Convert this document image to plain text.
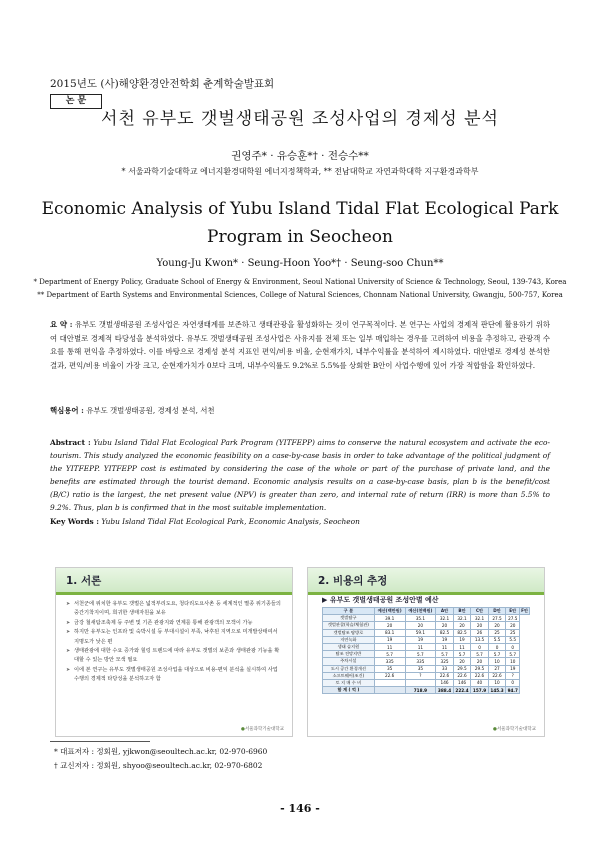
2015년도 (사)해양환경안전학회 춘계학술발표회
논 문
서천 유부도 갯벌생태공원 조성사업의 경제성 분석
권영주* · 유승훈*† · 전승수**
* 서울과학기술대학교 에너지환경대학원 에너지정책학과, ** 전남대학교 자연과학대학 지구환경과학부
Economic Analysis of Yubu Island Tidal Flat Ecological Park Program in Seocheon
Young-Ju Kwon* · Seung-Hoon Yoo*† · Seung-soo Chun**
* Department of Energy Policy, Graduate School of Energy & Environment, Seoul National University of Science & Technology, Seoul, 139-743, Korea
** Department of Earth Systems and Environmental Sciences, College of Natural Sciences, Chonnam National University, Gwangju, 500-757, Korea
요 약 : 유부도 갯벌생태공원 조성사업은 자연생태계를 보존하고 생태관광을 활성화하는 것이 연구목적이다. 본 연구는 사업의 경제적 판단에 활용하기 위하여 대안별로 경제적 타당성을 분석하였다. 유부도 갯벌생태공원 조성사업은 사유지를 전체 또는 일부 매입하는 경우를 고려하여 비용을 추정하고, 관광객 수요를 통해 편익을 추정하였다. 이를 바탕으로 경제성 분석 지표인 편익/비용 비율, 순현재가치, 내부수익률을 분석하여 제시하였다. 대안별로 경제성 분석한 결과, 편익/비용 비율이 가장 크고, 순현재가치가 0보다 크며, 내부수익률도 9.2%로 5.5%를 상회한 B안이 사업수행에 있어 가장 적합함을 확인하였다.
핵심용어 : 유부도 갯벌생태공원, 경제성 분석, 서천
Abstract : Yubu Island Tidal Flat Ecological Park Program (YITFEPP) aims to conserve the natural ecosystem and activate the eco-tourism. This study analyzed the economic feasibility on a case-by-case basis in order to take advantage of the political judgment of the YITFEPP. YITFEPP cost is estimated by considering the case of the whole or part of the purchase of private land, and the benefits are estimated through the tourist demand. Economic analysis results on a case-by-case basis, plan b is the benefit/cost (B/C) ratio is the largest, the net present value (NPV) is greater than zero, and internal rate of return (IRR) is more than 5.5% to 9.2%. Thus, plan b is confirmed that in the most suitable implementation.
Key Words : Yubu Island Tidal Flat Ecological Park, Economic Analysis, Seocheon
1. 서론
➤ 서천군에 위치한 유부도 갯벌은 넓적부리도요, 청다리도요사촌 등 세계적인 멸종 위기종들의 중간기착지이며, 희귀한 생태자원을 보유
➤ 금강 철새탐조축제 등 주변 및 기존 관광지와 연계를 통해 관광객의 모객이 가능
➤ 하지만 유부도는 인프라 및 숙박시설 등 부대시설이 부족, 낙후된 지역으로 미개발상태여서 지명도가 낮은 편
➤ 생태관광에 대한 수요 증가와 힐링 트렌드에 따라 유부도 갯벌의 보존과 생태관광 기능을 확대할 수 있는 방안 모색 필요
➤ 이에 본 연구는 유부도 갯벌생태공원 조성사업을 대상으로 비용-편익 분석을 실시하여 사업수행의 경제적 타당성을 분석하고자 함
● 서울과학기술대학교
2. 비용의 추정
▶ 유부도 갯벌생태공원 조성안별 예산
구 분	예산(백만원)	예산(천백원)	A안	B안	C안	D안	E안	F안
갯벌탐구	39.1	35.1	32.1	32.1	32.1	27.5	27.5	
갯벌관찰(학습/체험관)	20	20	20	20	20	20	20	
갯벌탐조 탐방로	83.1	59.1	82.5	82.5	26	25	25	
저연녹화	19	19	19	19	13.5	5.5	5.5	
생태 습지원	11	11	11	11	0	0	0	
탐조 전망지반	5.7	5.7	5.7	5.7	5.7	5.7	5.7	
주차시설	335	335	325	20	20	10	10	
도시 공간 환경개선	35	35	33	29.5	29.5	27	19	
소프트웨어(조건)	22.6	?	22.6	22.6	22.6	22.6	?	
토 지 매 수 비			146	146	40	10	0	
합 계 ( 억 )		718.9	388.4	222.4	157.9	145.3	94.7	
● 서울과학기술대학교
* 대표저자 : 정회원, yjkwon@seoultech.ac.kr, 02-970-6960
† 교신저자 : 정회원, shyoo@seoultech.ac.kr, 02-970-6802
- 146 -
